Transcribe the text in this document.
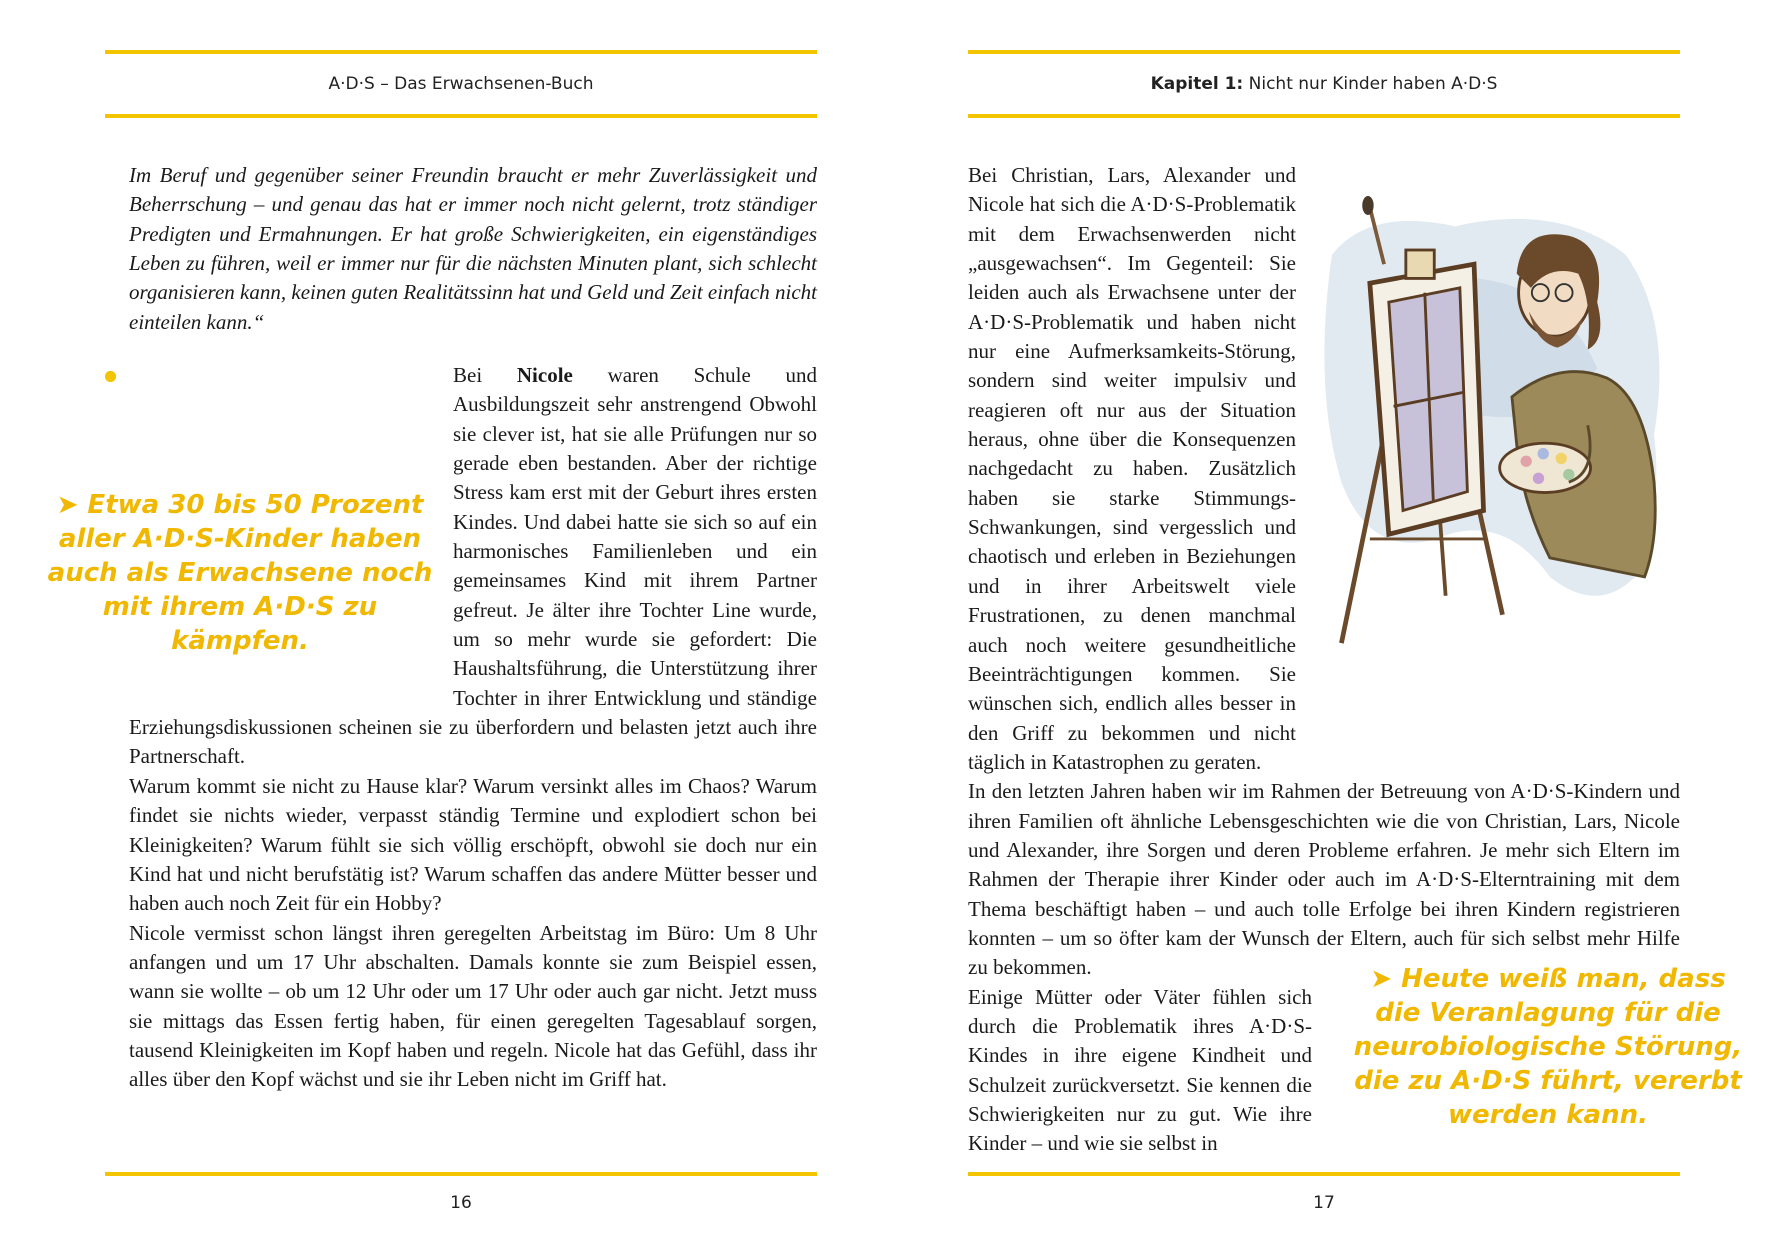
A·D·S – Das Erwachsenen-Buch

Im Beruf und gegenüber seiner Freundin braucht er mehr Zuverlässigkeit und Beherrschung – und genau das hat er immer noch nicht gelernt, trotz ständiger Predigten und Ermahnungen. Er hat große Schwierigkeiten, ein eigenständiges Leben zu führen, weil er immer nur für die nächsten Minuten plant, sich schlecht organisieren kann, keinen guten Realitätssinn hat und Geld und Zeit einfach nicht einteilen kann.“

Bei Nicole waren Schule und Ausbildungszeit sehr anstrengend Obwohl sie clever ist, hat sie alle Prüfungen nur so gerade eben bestanden. Aber der richtige Stress kam erst mit der Geburt ihres ersten Kindes. Und dabei hatte sie sich so auf ein harmonisches Familienleben und ein gemeinsames Kind mit ihrem Partner gefreut. Je älter ihre Tochter Line wurde, um so mehr wurde sie gefordert: Die Haushaltsführung, die Unterstützung ihrer Tochter in ihrer Entwicklung und ständige Erziehungsdiskussionen scheinen sie zu überfordern und belasten jetzt auch ihre Partnerschaft.

Warum kommt sie nicht zu Hause klar? Warum versinkt alles im Chaos? Warum findet sie nichts wieder, verpasst ständig Termine und explodiert schon bei Kleinigkeiten? Warum fühlt sie sich völlig erschöpft, obwohl sie doch nur ein Kind hat und nicht berufstätig ist? Warum schaffen das andere Mütter besser und haben auch noch Zeit für ein Hobby?

Nicole vermisst schon längst ihren geregelten Arbeitstag im Büro: Um 8 Uhr anfangen und um 17 Uhr abschalten. Damals konnte sie zum Beispiel essen, wann sie wollte – ob um 12 Uhr oder um 17 Uhr oder auch gar nicht. Jetzt muss sie mittags das Essen fertig haben, für einen geregelten Tagesablauf sorgen, tausend Kleinigkeiten im Kopf haben und regeln. Nicole hat das Gefühl, dass ihr alles über den Kopf wächst und sie ihr Leben nicht im Griff hat.

➤ Etwa 30 bis 50 Prozent aller A·D·S-Kinder haben auch als Erwachsene noch mit ihrem A·D·S zu kämpfen.
16
Kapitel 1: Nicht nur Kinder haben A·D·S

Bei Christian, Lars, Alexander und Nicole hat sich die A·D·S-Problematik mit dem Erwachsenwerden nicht „ausgewachsen“. Im Gegenteil: Sie leiden auch als Erwachsene unter der A·D·S-Problematik und haben nicht nur eine Aufmerksamkeits-Störung, sondern sind weiter impulsiv und reagieren oft nur aus der Situation heraus, ohne über die Konsequenzen nachgedacht zu haben. Zusätzlich haben sie starke Stimmungs-Schwankungen, sind vergesslich und chaotisch und erleben in Beziehungen und in ihrer Arbeitswelt viele Frustrationen, zu denen manchmal auch noch weitere gesundheitliche Beeinträchtigungen kommen. Sie wünschen sich, endlich alles besser in den Griff zu bekommen und nicht täglich in Katastrophen zu geraten.

In den letzten Jahren haben wir im Rahmen der Betreuung von A·D·S-Kindern und ihren Familien oft ähnliche Lebensgeschichten wie die von Christian, Lars, Nicole und Alexander, ihre Sorgen und deren Probleme erfahren. Je mehr sich Eltern im Rahmen der Therapie ihrer Kinder oder auch im A·D·S-Elterntraining mit dem Thema beschäftigt haben – und auch tolle Erfolge bei ihren Kindern registrieren konnten – um so öfter kam der Wunsch der Eltern, auch für sich selbst mehr Hilfe zu bekommen.

Einige Mütter oder Väter fühlen sich durch die Problematik ihres A·D·S-Kindes in ihre eigene Kindheit und Schulzeit zurückversetzt. Sie kennen die Schwierigkeiten nur zu gut. Wie ihre Kinder – und wie sie selbst in

➤ Heute weiß man, dass die Veranlagung für die neurobiologische Störung, die zu A·D·S führt, vererbt werden kann.
17
